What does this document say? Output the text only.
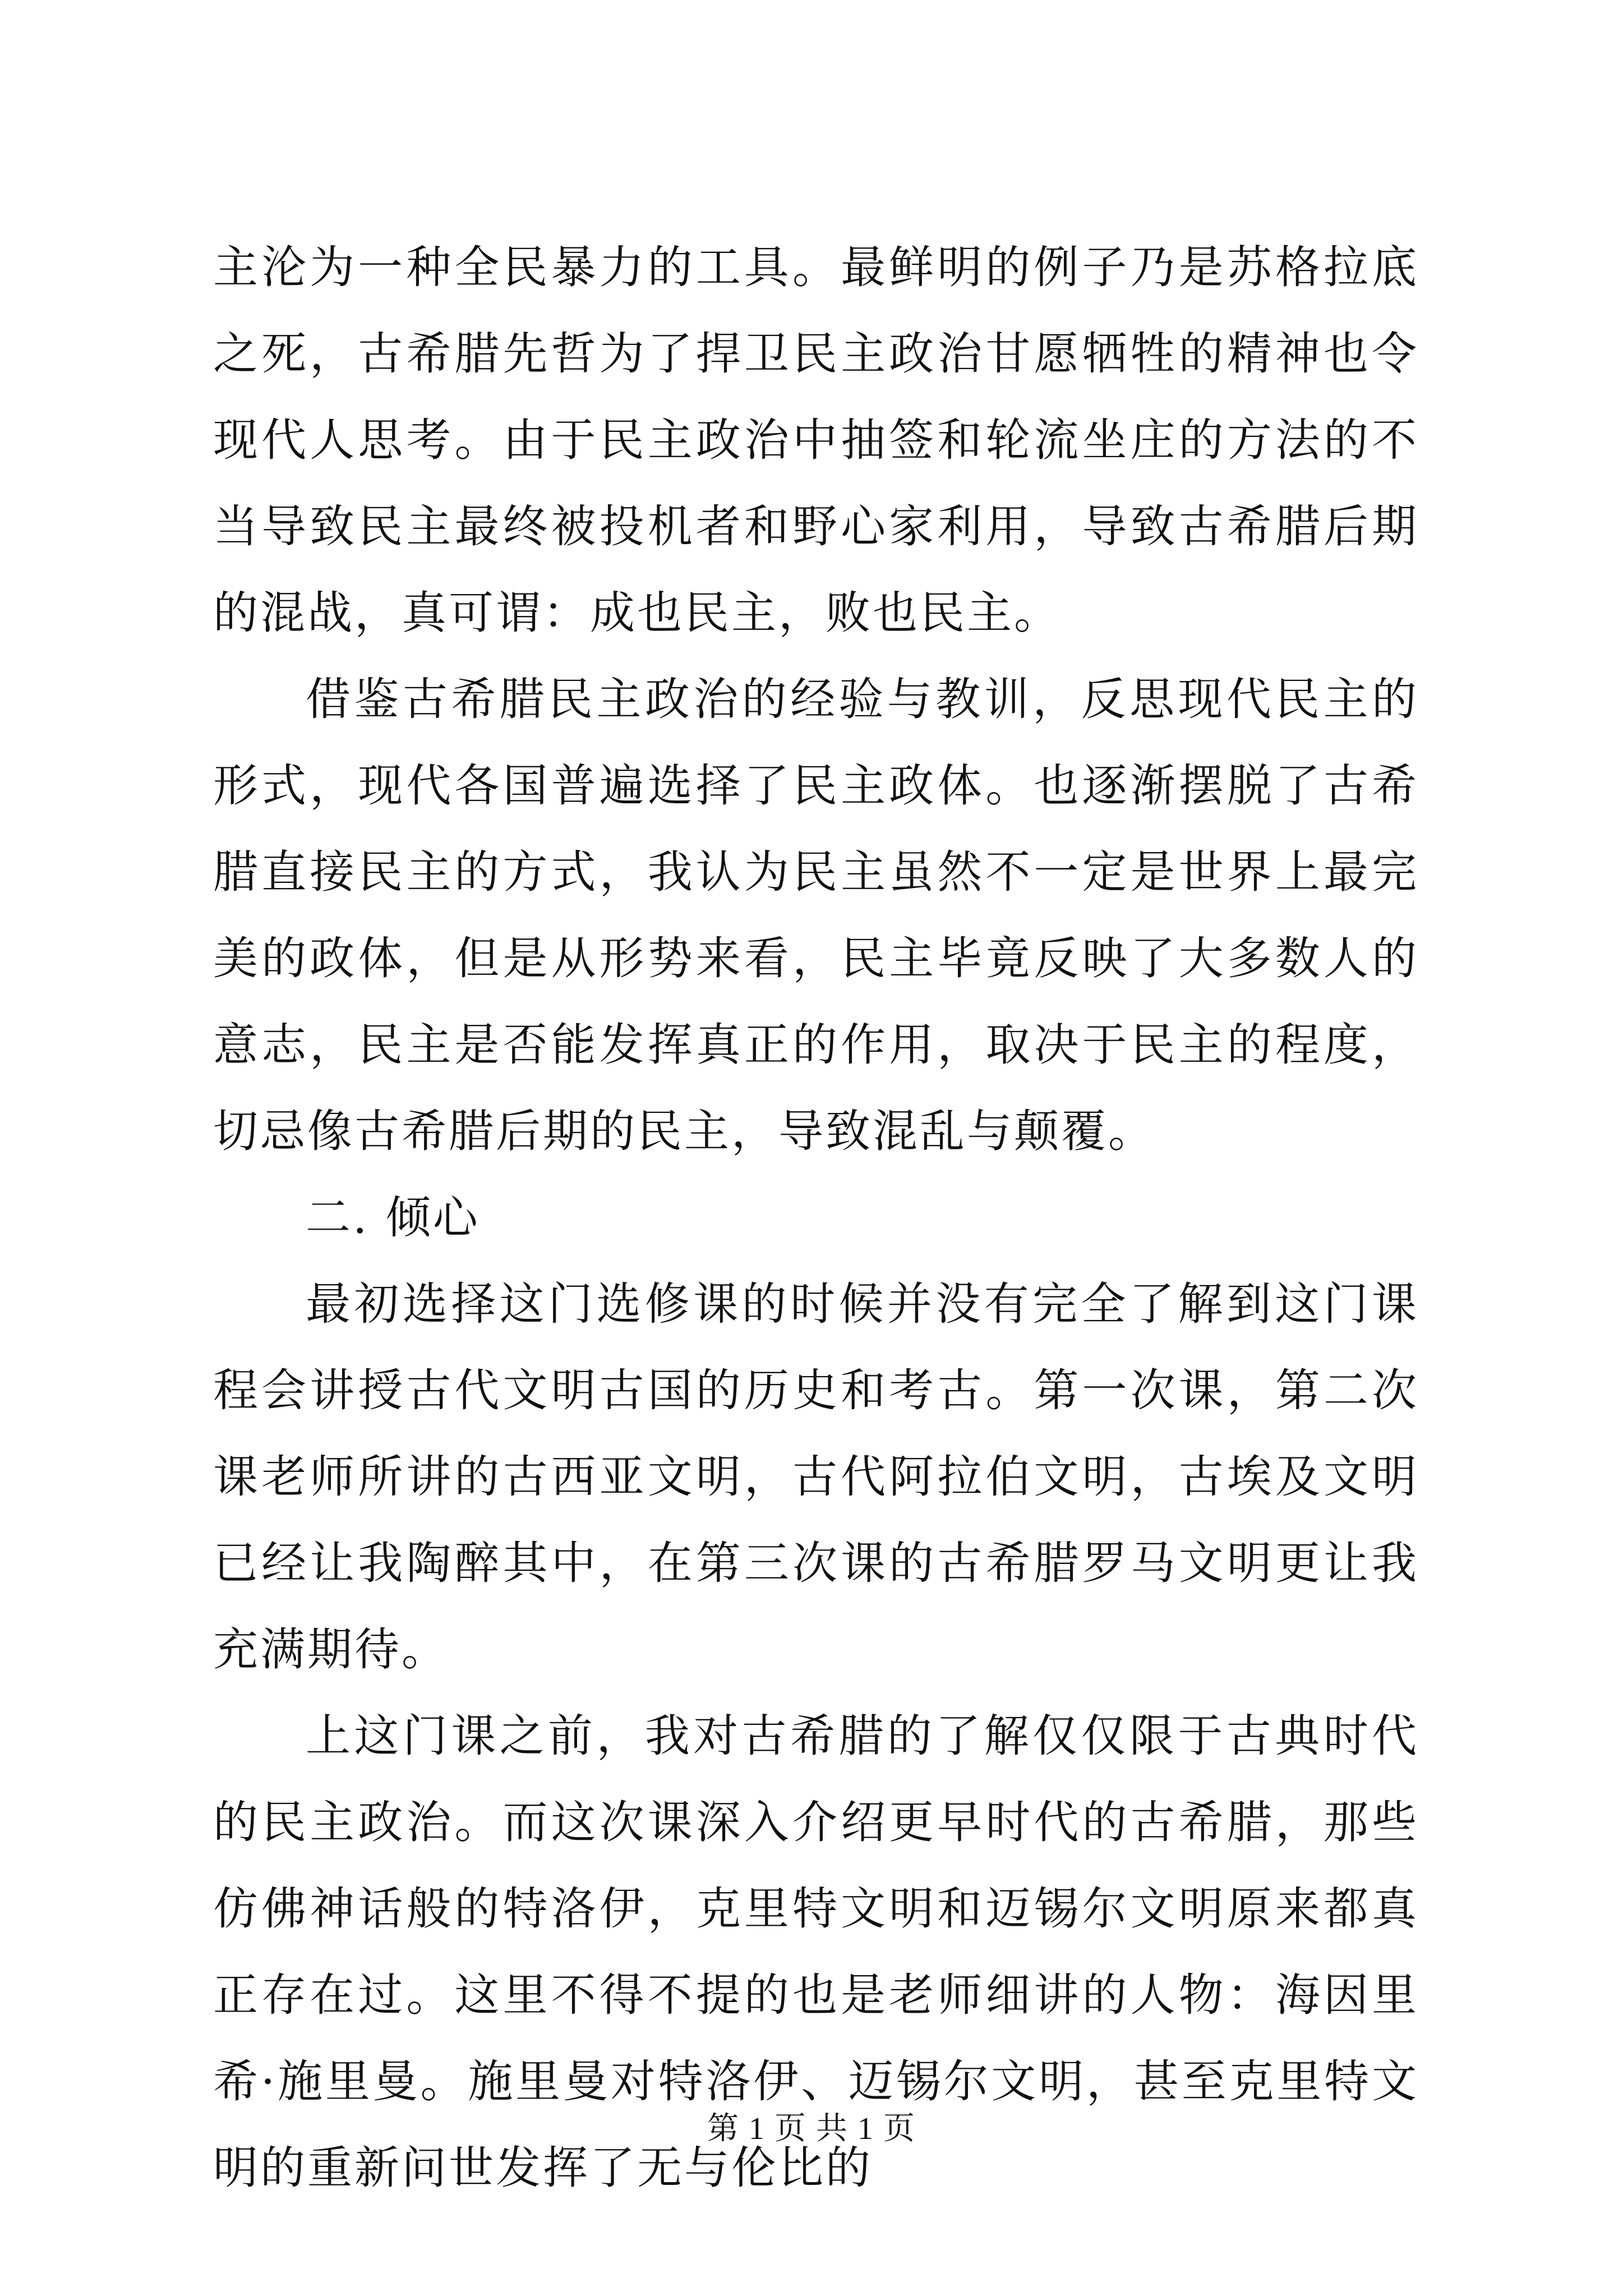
主沦为一种全民暴力的工具。最鲜明的例子乃是苏格拉底之死，古希腊先哲为了捍卫民主政治甘愿牺牲的精神也令现代人思考。由于民主政治中抽签和轮流坐庄的方法的不当导致民主最终被投机者和野心家利用，导致古希腊后期的混战，真可谓：成也民主，败也民主。

借鉴古希腊民主政治的经验与教训，反思现代民主的形式，现代各国普遍选择了民主政体。也逐渐摆脱了古希腊直接民主的方式，我认为民主虽然不一定是世界上最完美的政体，但是从形势来看，民主毕竟反映了大多数人的意志，民主是否能发挥真正的作用，取决于民主的程度，切忌像古希腊后期的民主，导致混乱与颠覆。

二. 倾心

最初选择这门选修课的时候并没有完全了解到这门课程会讲授古代文明古国的历史和考古。第一次课，第二次课老师所讲的古西亚文明，古代阿拉伯文明，古埃及文明已经让我陶醉其中，在第三次课的古希腊罗马文明更让我充满期待。

上这门课之前，我对古希腊的了解仅仅限于古典时代的民主政治。而这次课深入介绍更早时代的古希腊，那些仿佛神话般的特洛伊，克里特文明和迈锡尔文明原来都真正存在过。这里不得不提的也是老师细讲的人物：海因里希·施里曼。施里曼对特洛伊、迈锡尔文明，甚至克里特文明的重新问世发挥了无与伦比的

第 1 页 共 1 页
